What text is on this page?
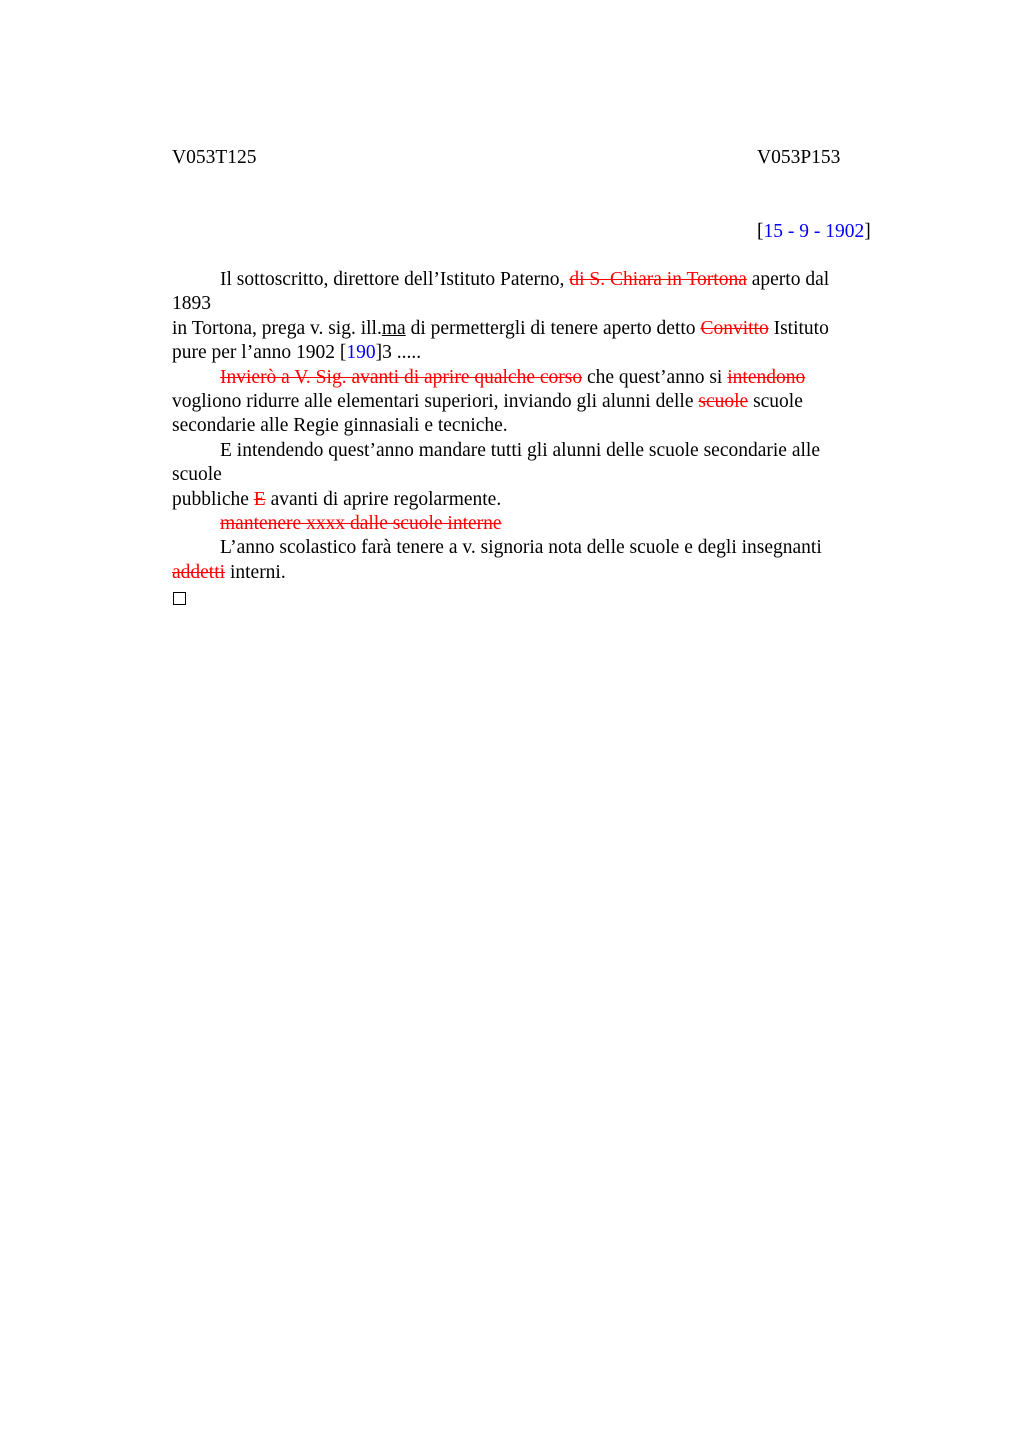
V053T125	V053P153
[15 - 9 - 1902]
Il sottoscritto, direttore dell’Istituto Paterno, di S. Chiara in Tortona aperto dal
1893
in Tortona, prega v. sig. ill.ma di permettergli di tenere aperto detto Convitto Istituto
pure per l’anno 1902 [190]3 .....
Invierò a V. Sig. avanti di aprire qualche corso che quest’anno si intendono
vogliono ridurre alle elementari superiori, inviando gli alunni delle scuole scuole
secondarie alle Regie ginnasiali e tecniche.
E intendendo quest’anno mandare tutti gli alunni delle scuole secondarie alle
scuole
pubbliche E avanti di aprire regolarmente.
mantenere xxxx dalle scuole interne
L’anno scolastico farà tenere a v. signoria nota delle scuole e degli insegnanti
addetti interni.
